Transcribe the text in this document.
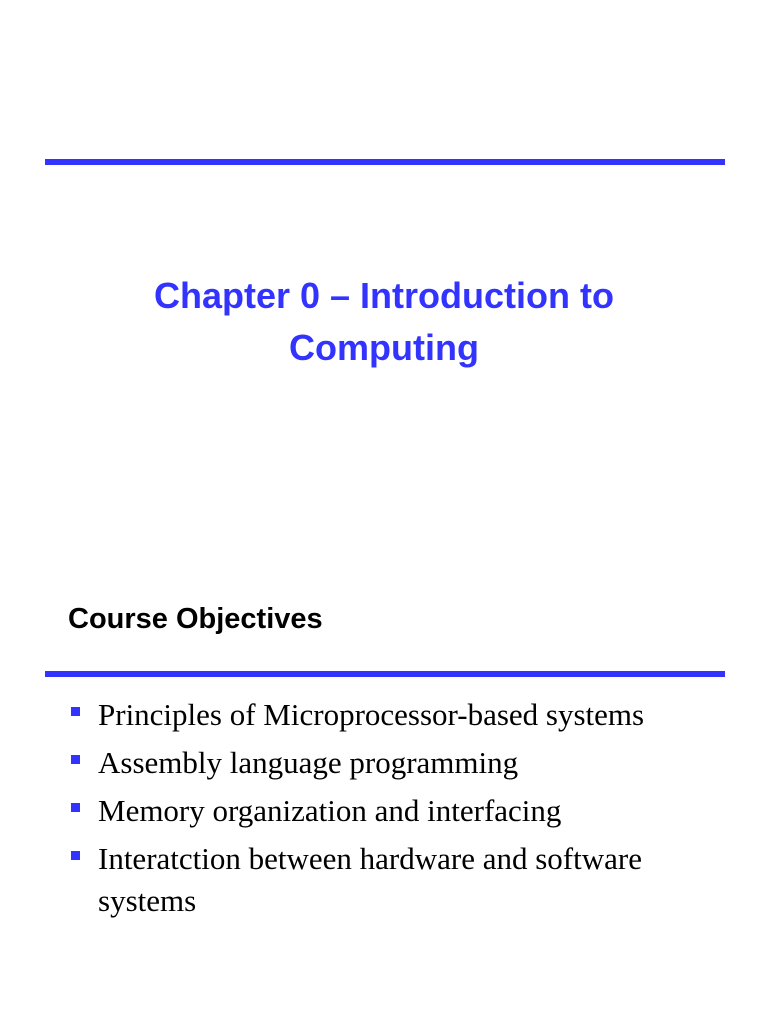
Chapter 0 – Introduction to
Computing
Course Objectives
Principles of Microprocessor-based systems
Assembly language programming
Memory organization and interfacing
Interatction between hardware and software systems
